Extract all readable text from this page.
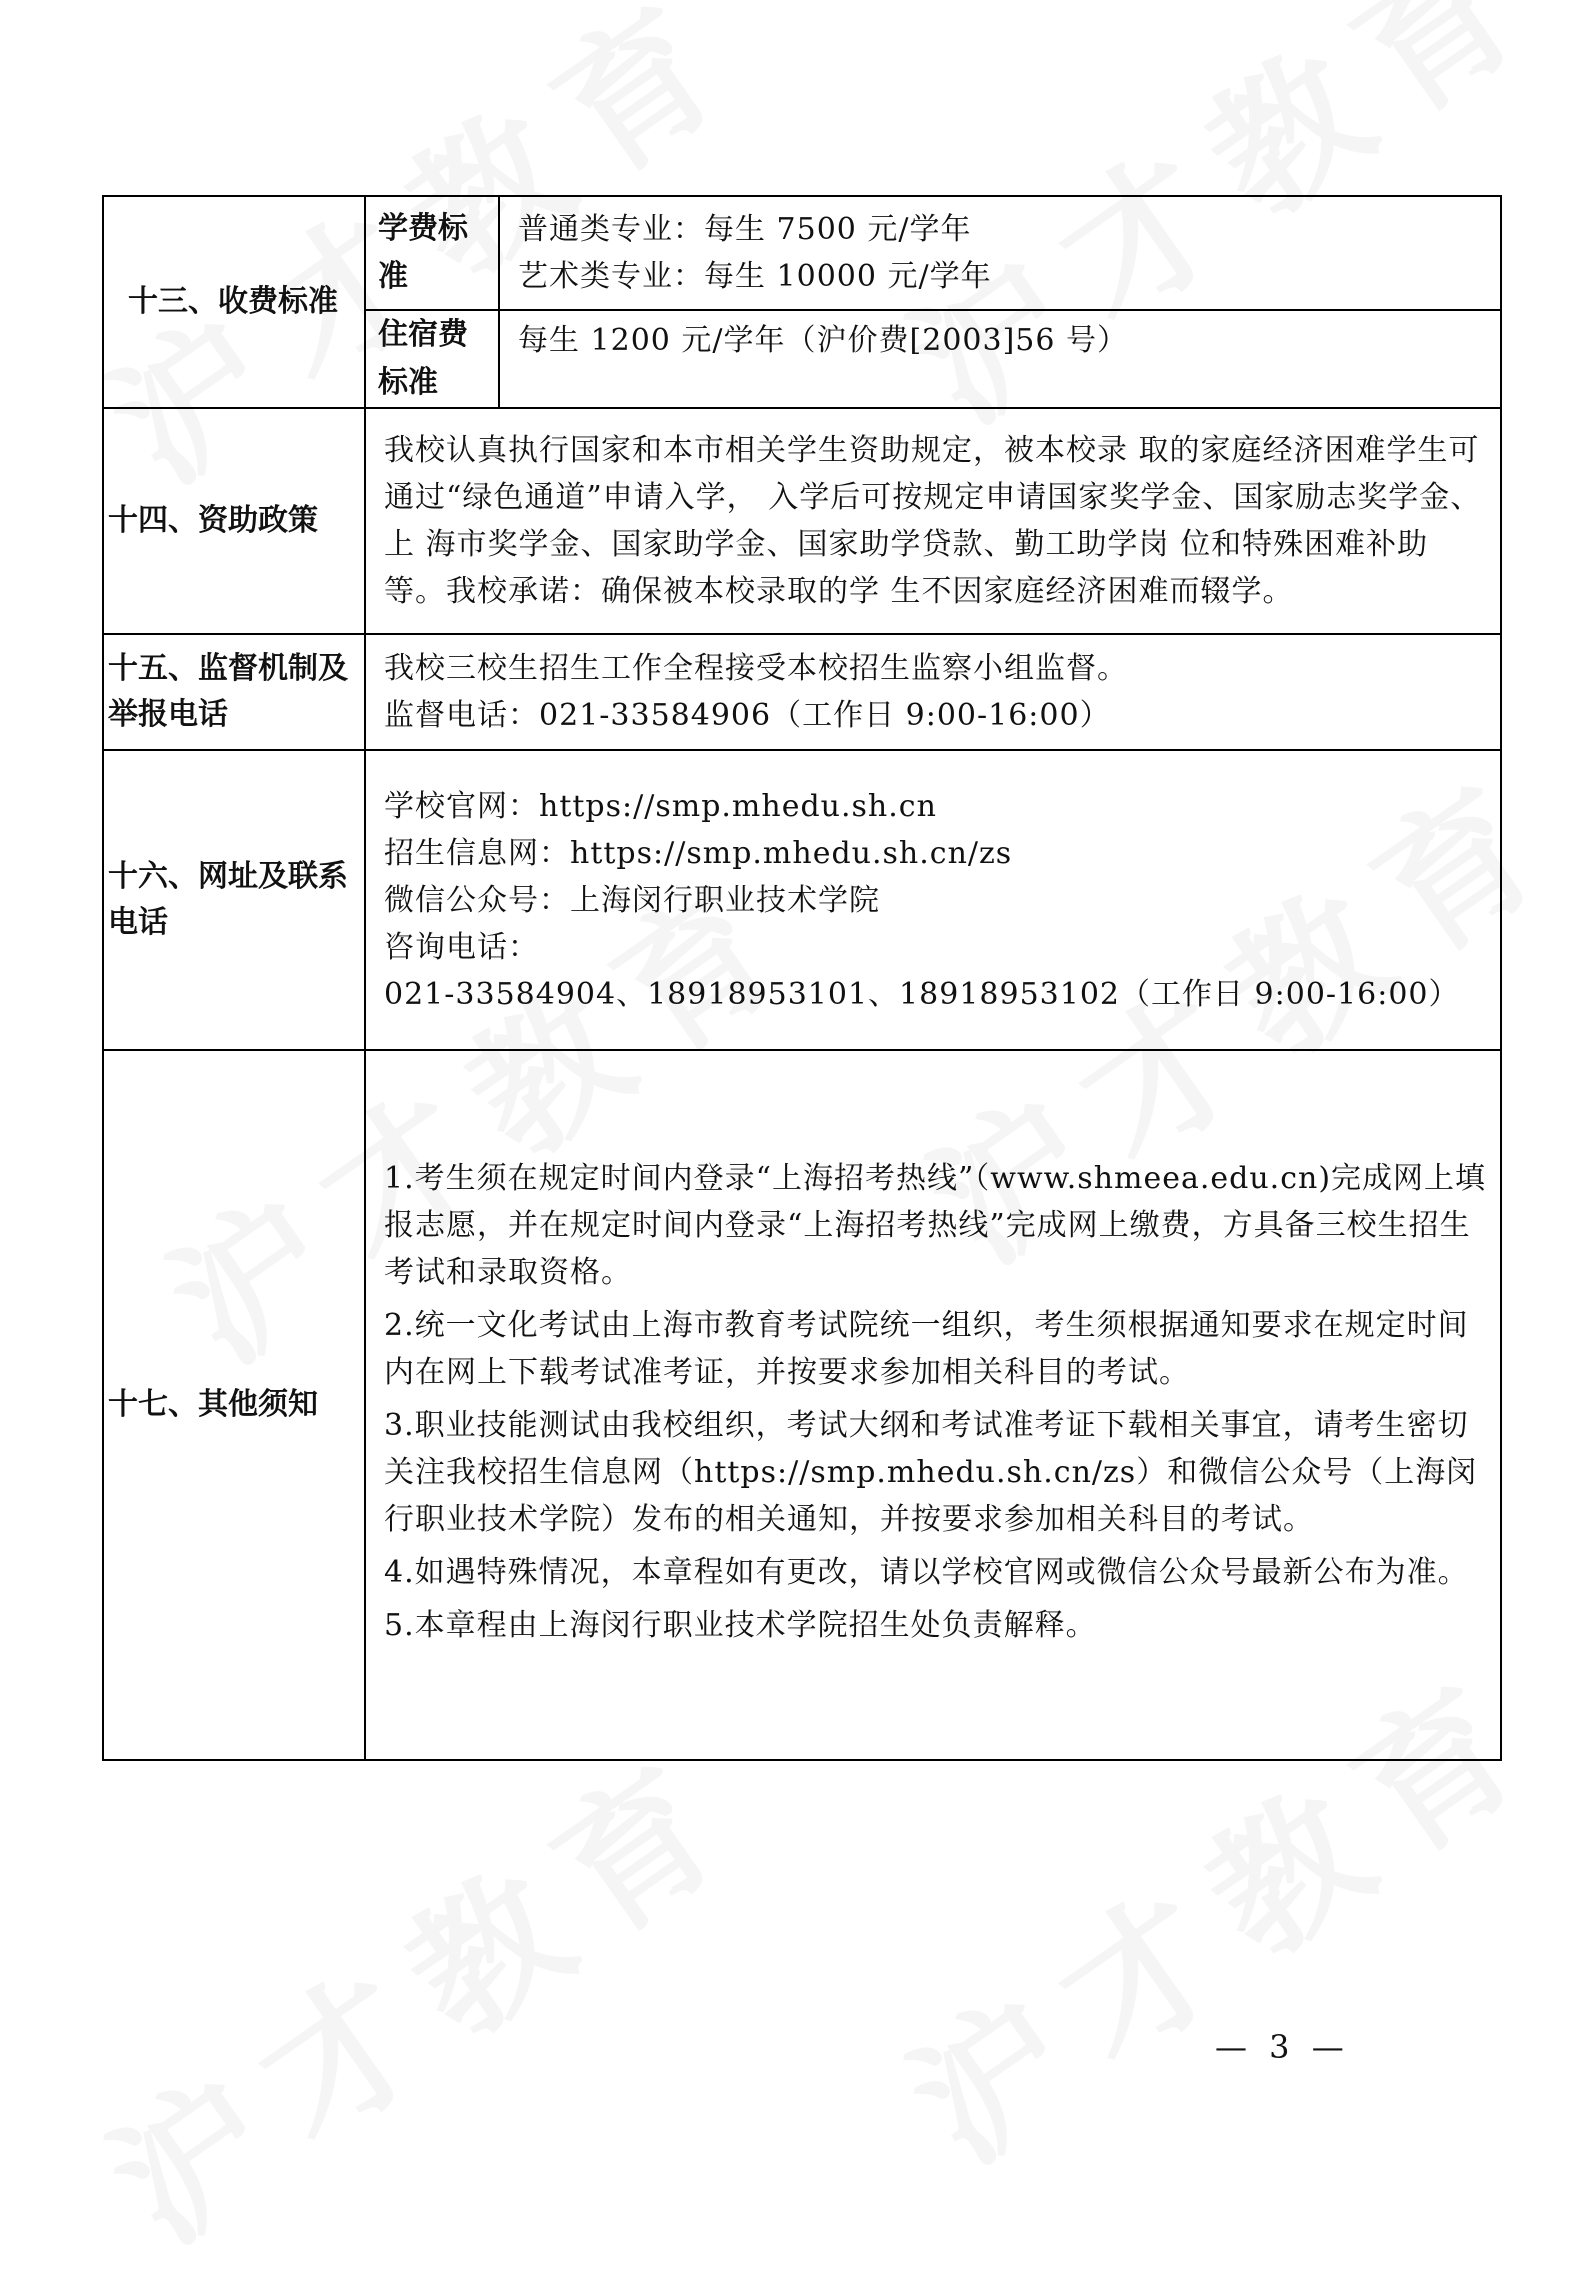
十三、收费标准	学费标准	普通类专业：每生 7500 元/学年

艺术类专业：每生 10000 元/学年

	住宿费标准	每生 1200 元/学年（沪价费[2003]56 号）

十四、资助政策	我校认真执行国家和本市相关学生资助规定，被本校录 取的家庭经济困难学生可通过“绿色通道”申请入学， 入学后可按规定申请国家奖学金、国家励志奖学金、上 海市奖学金、国家助学金、国家助学贷款、勤工助学岗 位和特殊困难补助等。我校承诺：确保被本校录取的学 生不因家庭经济困难而辍学。	

十五、监督机制及举报电话	我校三校生招生工作全程接受本校招生监察小组监督。

监督电话：021-33584906（工作日 9:00-16:00）	

十六、网址及联系电话	学校官网：https://smp.mhedu.sh.cn

招生信息网：https://smp.mhedu.sh.cn/zs

微信公众号：上海闵行职业技术学院

咨询电话：

021-33584904、18918953101、18918953102（工作日 9:00-16:00）	

十七、其他须知	1.考生须在规定时间内登录“上海招考热线”（www.shmeea.edu.cn)完成网上填报志愿，并在规定时间内登录“上海招考热线”完成网上缴费，方具备三校生招生考试和录取资格。

2.统一文化考试由上海市教育考试院统一组织，考生须根据通知要求在规定时间内在网上下载考试准考证，并按要求参加相关科目的考试。

3.职业技能测试由我校组织，考试大纲和考试准考证下载相关事宜，请考生密切关注我校招生信息网（https://smp.mhedu.sh.cn/zs）和微信公众号（上海闵行职业技术学院）发布的相关通知，并按要求参加相关科目的考试。

4.如遇特殊情况，本章程如有更改，请以学校官网或微信公众号最新公布为准。

5.本章程由上海闵行职业技术学院招生处负责解释。	

— 3 —
